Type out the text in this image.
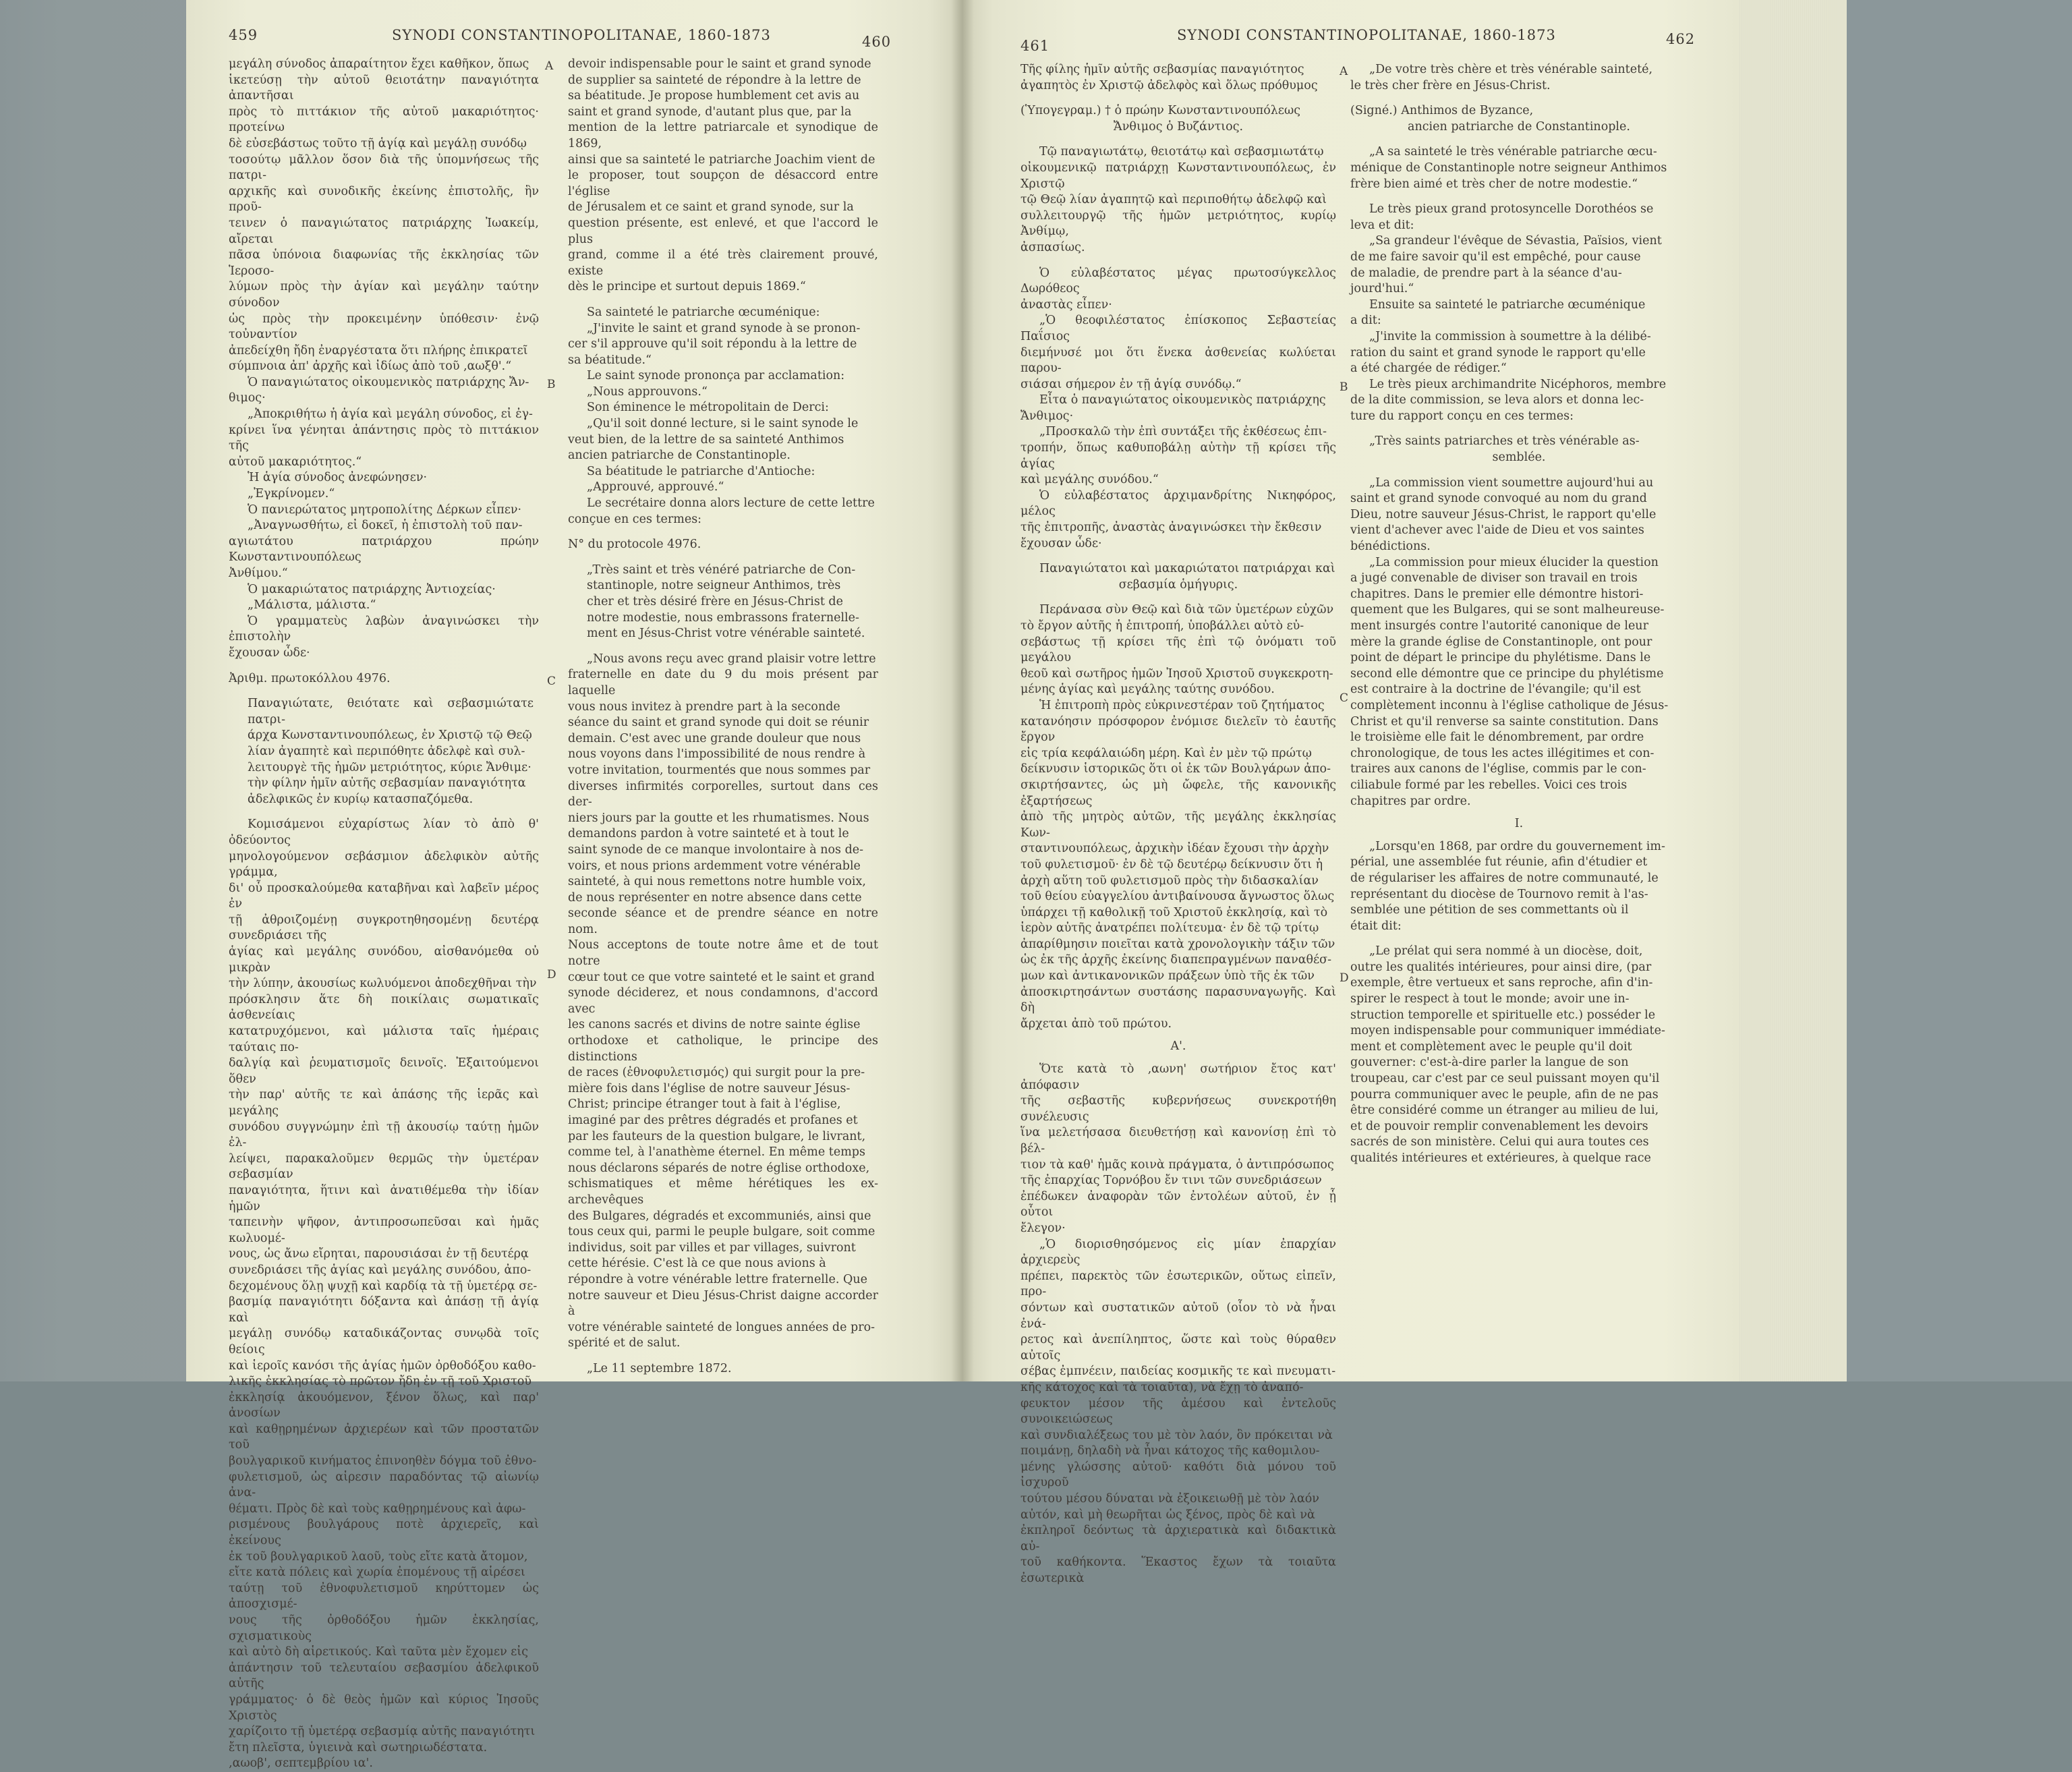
459	SYNODI CONSTANTINOPOLITANAE, 1860-1873	460

μεγάλη σύνοδος ἀπαραίτητον ἔχει καθῆκον, ὅπως

ἱκετεύσῃ τὴν αὐτοῦ θειοτάτην παναγιότητα ἀπαντῆσαι

πρὸς τὸ πιττάκιον τῆς αὐτοῦ μακαριότητος· προτείνω

δὲ εὐσεβάστως τοῦτο τῇ ἁγίᾳ καὶ μεγάλῃ συνόδῳ

τοσούτῳ μᾶλλον ὅσον διὰ τῆς ὑπομνήσεως τῆς πατρι-

αρχικῆς καὶ συνοδικῆς ἐκείνης ἐπιστολῆς, ἣν προῦ-

τεινεν ὁ παναγιώτατος πατριάρχης Ἰωακείμ, αἴρεται

πᾶσα ὑπόνοια διαφωνίας τῆς ἐκκλησίας τῶν Ἱεροσο-

λύμων πρὸς τὴν ἁγίαν καὶ μεγάλην ταύτην σύνοδον

ὡς πρὸς τὴν προκειμένην ὑπόθεσιν· ἐνῷ τοὐναντίον

ἀπεδείχθη ἤδη ἐναργέστατα ὅτι πλήρης ἐπικρατεῖ

σύμπνοια ἀπ' ἀρχῆς καὶ ἰδίως ἀπὸ τοῦ ‚αωξθ'.“

Ὁ παναγιώτατος οἰκουμενικὸς πατριάρχης Ἄν-

θιμος·

„Ἀποκριθήτω ἡ ἁγία καὶ μεγάλη σύνοδος, εἰ ἐγ-

κρίνει ἵνα γένηται ἀπάντησις πρὸς τὸ πιττάκιον τῆς

αὐτοῦ μακαριότητος.“

Ἡ ἁγία σύνοδος ἀνεφώνησεν·

„Ἐγκρίνομεν.“

Ὁ πανιερώτατος μητροπολίτης Δέρκων εἶπεν·

„Ἀναγνωσθήτω, εἰ δοκεῖ, ἡ ἐπιστολὴ τοῦ παν-

αγιωτάτου πατριάρχου πρώην Κωνσταντινουπόλεως

Ἀνθίμου.“

Ὁ μακαριώτατος πατριάρχης Ἀντιοχείας·

„Μάλιστα, μάλιστα.“

Ὁ γραμματεὺς λαβὼν ἀναγινώσκει τὴν ἐπιστολὴν

ἔχουσαν ὧδε·

Ἀριθμ. πρωτοκόλλου 4976.

Παναγιώτατε, θειότατε καὶ σεβασμιώτατε πατρι-

άρχα Κωνσταντινουπόλεως, ἐν Χριστῷ τῷ Θεῷ

λίαν ἀγαπητὲ καὶ περιπόθητε ἀδελφὲ καὶ συλ-

λειτουργὲ τῆς ἡμῶν μετριότητος, κύριε Ἄνθιμε·

τὴν φίλην ἡμῖν αὐτῆς σεβασμίαν παναγιότητα

ἀδελφικῶς ἐν κυρίῳ κατασπαζόμεθα.

Κομισάμενοι εὐχαρίστως λίαν τὸ ἀπὸ θ' ὀδεύοντος

μηνολογούμενον σεβάσμιον ἀδελφικὸν αὐτῆς γράμμα,

δι' οὗ προσκαλούμεθα καταβῆναι καὶ λαβεῖν μέρος ἐν

τῇ ἀθροιζομένῃ συγκροτηθησομένῃ δευτέρᾳ συνεδριάσει τῆς

ἁγίας καὶ μεγάλης συνόδου, αἰσθανόμεθα οὐ μικρὰν

τὴν λύπην, ἀκουσίως κωλυόμενοι ἀποδεχθῆναι τὴν

πρόσκλησιν ἅτε δὴ ποικίλαις σωματικαῖς ἀσθενείαις

κατατρυχόμενοι, καὶ μάλιστα ταῖς ἡμέραις ταύταις πο-

δαλγίᾳ καὶ ῥευματισμοῖς δεινοῖς. Ἐξαιτούμενοι ὅθεν

τὴν παρ' αὐτῆς τε καὶ ἁπάσης τῆς ἱερᾶς καὶ μεγάλης

συνόδου συγγνώμην ἐπὶ τῇ ἀκουσίῳ ταύτῃ ἡμῶν ἐλ-

λείψει, παρακαλοῦμεν θερμῶς τὴν ὑμετέραν σεβασμίαν

παναγιότητα, ἥτινι καὶ ἀνατιθέμεθα τὴν ἰδίαν ἡμῶν

ταπεινὴν ψῆφον, ἀντιπροσωπεῦσαι καὶ ἡμᾶς κωλυομέ-

νους, ὡς ἄνω εἴρηται, παρουσιάσαι ἐν τῇ δευτέρᾳ

συνεδριάσει τῆς ἁγίας καὶ μεγάλης συνόδου, ἀπο-

δεχομένους ὅλῃ ψυχῇ καὶ καρδίᾳ τὰ τῇ ὑμετέρᾳ σε-

βασμίᾳ παναγιότητι δόξαντα καὶ ἁπάσῃ τῇ ἁγίᾳ καὶ

μεγάλῃ συνόδῳ καταδικάζοντας συνῳδὰ τοῖς θείοις

καὶ ἱεροῖς κανόσι τῆς ἁγίας ἡμῶν ὀρθοδόξου καθο-

λικῆς ἐκκλησίας τὸ πρῶτον ἤδη ἐν τῇ τοῦ Χριστοῦ

ἐκκλησίᾳ ἀκουόμενον, ξένον ὅλως, καὶ παρ' ἀνοσίων

καὶ καθῃρημένων ἀρχιερέων καὶ τῶν προστατῶν τοῦ

βουλγαρικοῦ κινήματος ἐπινοηθὲν δόγμα τοῦ ἐθνο-

φυλετισμοῦ, ὡς αἱρεσιν παραδόντας τῷ αἰωνίῳ ἀνα-

θέματι. Πρὸς δὲ καὶ τοὺς καθῃρημένους καὶ ἀφω-

ρισμένους βουλγάρους ποτὲ ἀρχιερεῖς, καὶ ἐκείνους

ἐκ τοῦ βουλγαρικοῦ λαοῦ, τοὺς εἴτε κατὰ ἄτομον,

εἴτε κατὰ πόλεις καὶ χωρία ἐπομένους τῇ αἱρέσει

ταύτῃ τοῦ ἐθνοφυλετισμοῦ κηρύττομεν ὡς ἀποσχισμέ-

νους τῆς ὀρθοδόξου ἡμῶν ἐκκλησίας, σχισματικοὺς

καὶ αὐτὸ δὴ αἱρετικούς. Καὶ ταῦτα μὲν ἔχομεν εἰς

ἀπάντησιν τοῦ τελευταίου σεβασμίου ἀδελφικοῦ αὐτῆς

γράμματος· ὁ δὲ θεὸς ἡμῶν καὶ κύριος Ἰησοῦς Χριστὸς

χαρίζοιτο τῇ ὑμετέρᾳ σεβασμίᾳ αὐτῆς παναγιότητι

ἔτη πλεῖστα, ὑγιεινὰ καὶ σωτηριωδέστατα.

‚αωοβ', σεπτεμβρίου ια'.

devoir indispensable pour le saint et grand synode

de supplier sa sainteté de répondre à la lettre de

sa béatitude. Je propose humblement cet avis au

saint et grand synode, d'autant plus que, par la

mention de la lettre patriarcale et synodique de 1869,

ainsi que sa sainteté le patriarche Joachim vient de

le proposer, tout soupçon de désaccord entre l'église

de Jérusalem et ce saint et grand synode, sur la

question présente, est enlevé, et que l'accord le plus

grand, comme il a été très clairement prouvé, existe

dès le principe et surtout depuis 1869.“

Sa sainteté le patriarche œcuménique:

„J'invite le saint et grand synode à se pronon-

cer s'il approuve qu'il soit répondu à la lettre de

sa béatitude.“

Le saint synode prononça par acclamation:

„Nous approuvons.“

Son éminence le métropolitain de Derci:

„Qu'il soit donné lecture, si le saint synode le

veut bien, de la lettre de sa sainteté Anthimos

ancien patriarche de Constantinople.

Sa béatitude le patriarche d'Antioche:

„Approuvé, approuvé.“

Le secrétaire donna alors lecture de cette lettre

conçue en ces termes:

N° du protocole 4976.

„Très saint et très vénéré patriarche de Con-

stantinople, notre seigneur Anthimos, très

cher et très désiré frère en Jésus-Christ de

notre modestie, nous embrassons fraternelle-

ment en Jésus-Christ votre vénérable sainteté.

„Nous avons reçu avec grand plaisir votre lettre

fraternelle en date du 9 du mois présent par laquelle

vous nous invitez à prendre part à la seconde

séance du saint et grand synode qui doit se réunir

demain. C'est avec une grande douleur que nous

nous voyons dans l'impossibilité de nous rendre à

votre invitation, tourmentés que nous sommes par

diverses infirmités corporelles, surtout dans ces der-

niers jours par la goutte et les rhumatismes. Nous

demandons pardon à votre sainteté et à tout le

saint synode de ce manque involontaire à nos de-

voirs, et nous prions ardemment votre vénérable

sainteté, à qui nous remettons notre humble voix,

de nous représenter en notre absence dans cette

seconde séance et de prendre séance en notre nom.

Nous acceptons de toute notre âme et de tout notre

cœur tout ce que votre sainteté et le saint et grand

synode déciderez, et nous condamnons, d'accord avec

les canons sacrés et divins de notre sainte église

orthodoxe et catholique, le principe des distinctions

de races (ἐθνοφυλετισμός) qui surgit pour la pre-

mière fois dans l'église de notre sauveur Jésus-

Christ; principe étranger tout à fait à l'église,

imaginé par des prêtres dégradés et profanes et

par les fauteurs de la question bulgare, le livrant,

comme tel, à l'anathème éternel. En même temps

nous déclarons séparés de notre église orthodoxe,

schismatiques et même hérétiques les ex-archevêques

des Bulgares, dégradés et excommuniés, ainsi que

tous ceux qui, parmi le peuple bulgare, soit comme

individus, soit par villes et par villages, suivront

cette hérésie. C'est là ce que nous avions à

répondre à votre vénérable lettre fraternelle. Que

notre sauveur et Dieu Jésus-Christ daigne accorder à

votre vénérable sainteté de longues années de pro-

spérité et de salut.

„Le 11 septembre 1872.

A
B
C
D
461
SYNODI CONSTANTINOPOLITANAE, 1860-1873	462

Τῆς φίλης ἡμῖν αὐτῆς σεβασμίας παναγιότητος

ἀγαπητὸς ἐν Χριστῷ ἀδελφὸς καὶ ὅλως πρόθυμος

(Ὑπογεγραμ.) † ὁ πρώην Κωνσταντινουπόλεως

Ἄνθιμος ὁ Βυζάντιος.

Τῷ παναγιωτάτῳ, θειοτάτῳ καὶ σεβασμιωτάτῳ

οἰκουμενικῷ πατριάρχῃ Κωνσταντινουπόλεως, ἐν Χριστῷ

τῷ Θεῷ λίαν ἀγαπητῷ καὶ περιποθήτῳ ἀδελφῷ καὶ

συλλειτουργῷ τῆς ἡμῶν μετριότητος, κυρίῳ Ἀνθίμῳ,

ἀσπασίως.

Ὁ εὐλαβέστατος μέγας πρωτοσύγκελλος Δωρόθεος

ἀναστὰς εἶπεν·

„Ὁ θεοφιλέστατος ἐπίσκοπος Σεβαστείας Παΐσιος

διεμήνυσέ μοι ὅτι ἕνεκα ἀσθενείας κωλύεται παρου-

σιάσαι σήμερον ἐν τῇ ἁγίᾳ συνόδῳ.“

Εἶτα ὁ παναγιώτατος οἰκουμενικὸς πατριάρχης

Ἄνθιμος·

„Προσκαλῶ τὴν ἐπὶ συντάξει τῆς ἐκθέσεως ἐπι-

τροπήν, ὅπως καθυποβάλῃ αὐτὴν τῇ κρίσει τῆς ἁγίας

καὶ μεγάλης συνόδου.“

Ὁ εὐλαβέστατος ἀρχιμανδρίτης Νικηφόρος, μέλος

τῆς ἐπιτροπῆς, ἀναστὰς ἀναγινώσκει τὴν ἔκθεσιν

ἔχουσαν ὧδε·

Παναγιώτατοι καὶ μακαριώτατοι πατριάρχαι καὶ

σεβασμία ὁμήγυρις.

Περάνασα σὺν Θεῷ καὶ διὰ τῶν ὑμετέρων εὐχῶν

τὸ ἔργον αὐτῆς ἡ ἐπιτροπή, ὑποβάλλει αὐτὸ εὐ-

σεβάστως τῇ κρίσει τῆς ἐπὶ τῷ ὀνόματι τοῦ μεγάλου

θεοῦ καὶ σωτῆρος ἡμῶν Ἰησοῦ Χριστοῦ συγκεκροτη-

μένης ἁγίας καὶ μεγάλης ταύτης συνόδου.

Ἡ ἐπιτροπὴ πρὸς εὐκρινεστέραν τοῦ ζητήματος

κατανόησιν πρόσφορον ἐνόμισε διελεῖν τὸ ἑαυτῆς ἔργον

εἰς τρία κεφάλαιώδη μέρη. Καὶ ἐν μὲν τῷ πρώτῳ

δείκνυσιν ἱστορικῶς ὅτι οἱ ἐκ τῶν Βουλγάρων ἀπο-

σκιρτήσαντες, ὡς μὴ ὤφελε, τῆς κανονικῆς ἐξαρτήσεως

ἀπὸ τῆς μητρὸς αὐτῶν, τῆς μεγάλης ἐκκλησίας Κων-

σταντινουπόλεως, ἀρχικὴν ἰδέαν ἔχουσι τὴν ἀρχὴν

τοῦ φυλετισμοῦ· ἐν δὲ τῷ δευτέρῳ δείκνυσιν ὅτι ἡ

ἀρχὴ αὕτη τοῦ φυλετισμοῦ πρὸς τὴν διδασκαλίαν

τοῦ θείου εὐαγγελίου ἀντιβαίνουσα ἄγνωστος ὅλως

ὑπάρχει τῇ καθολικῇ τοῦ Χριστοῦ ἐκκλησίᾳ, καὶ τὸ

ἱερὸν αὐτῆς ἀνατρέπει πολίτευμα· ἐν δὲ τῷ τρίτῳ

ἀπαρίθμησιν ποιεῖται κατὰ χρονολογικὴν τάξιν τῶν

ὡς ἐκ τῆς ἀρχῆς ἐκείνης διαπεπραγμένων παναθέσ-

μων καὶ ἀντικανονικῶν πράξεων ὑπὸ τῆς ἐκ τῶν

ἀποσκιρτησάντων συστάσης παρασυναγωγῆς. Καὶ δὴ

ἄρχεται ἀπὸ τοῦ πρώτου.

Α'.

Ὅτε κατὰ τὸ ‚αωνη' σωτήριον ἔτος κατ' ἀπόφασιν

τῆς σεβαστῆς κυβερνήσεως συνεκροτήθη συνέλευσις

ἵνα μελετήσασα διευθετήσῃ καὶ κανονίσῃ ἐπὶ τὸ βέλ-

τιον τὰ καθ' ἡμᾶς κοινὰ πράγματα, ὁ ἀντιπρόσωπος

τῆς ἐπαρχίας Τορνόβου ἔν τινι τῶν συνεδριάσεων

ἐπέδωκεν ἀναφορὰν τῶν ἐντολέων αὐτοῦ, ἐν ᾗ οὗτοι

ἔλεγον·

„Ὁ διορισθησόμενος εἰς μίαν ἐπαρχίαν ἀρχιερεὺς

πρέπει, παρεκτὸς τῶν ἐσωτερικῶν, οὕτως εἰπεῖν, προ-

σόντων καὶ συστατικῶν αὐτοῦ (οἷον τὸ νὰ ἦναι ἐνά-

ρετος καὶ ἀνεπίληπτος, ὥστε καὶ τοὺς θύραθεν αὐτοῖς

σέβας ἐμπνέειν, παιδείας κοσμικῆς τε καὶ πνευματι-

κῆς κάτοχος καὶ τὰ τοιαῦτα), νὰ ἔχῃ τὸ ἀναπό-

φευκτον μέσον τῆς ἀμέσου καὶ ἐντελοῦς συνοικειώσεως

καὶ συνδιαλέξεως του μὲ τὸν λαόν, ὃν πρόκειται νὰ

ποιμάνῃ, δηλαδὴ νὰ ἦναι κάτοχος τῆς καθομιλου-

μένης γλώσσης αὐτοῦ· καθότι διὰ μόνου τοῦ ἰσχυροῦ

τούτου μέσου δύναται νὰ ἐξοικειωθῇ μὲ τὸν λαόν

αὐτόν, καὶ μὴ θεωρῆται ὡς ξένος, πρὸς δὲ καὶ νὰ

ἐκπληροῖ δεόντως τὰ ἀρχιερατικὰ καὶ διδακτικὰ αὐ-

τοῦ καθήκοντα. Ἕκαστος ἔχων τὰ τοιαῦτα ἐσωτερικὰ

„De votre très chère et très vénérable sainteté,

le très cher frère en Jésus-Christ.

(Signé.) Anthimos de Byzance,

ancien patriarche de Constantinople.

„A sa sainteté le très vénérable patriarche œcu-

ménique de Constantinople notre seigneur Anthimos

frère bien aimé et très cher de notre modestie.“

Le très pieux grand protosyncelle Dorothéos se

leva et dit:

„Sa grandeur l'évêque de Sévastia, Païsios, vient

de me faire savoir qu'il est empêché, pour cause

de maladie, de prendre part à la séance d'au-

jourd'hui.“

Ensuite sa sainteté le patriarche œcuménique

a dit:

„J'invite la commission à soumettre à la délibé-

ration du saint et grand synode le rapport qu'elle

a été chargée de rédiger.“

Le très pieux archimandrite Nicéphoros, membre

de la dite commission, se leva alors et donna lec-

ture du rapport conçu en ces termes:

„Très saints patriarches et très vénérable as-

semblée.

„La commission vient soumettre aujourd'hui au

saint et grand synode convoqué au nom du grand

Dieu, notre sauveur Jésus-Christ, le rapport qu'elle

vient d'achever avec l'aide de Dieu et vos saintes

bénédictions.

„La commission pour mieux élucider la question

a jugé convenable de diviser son travail en trois

chapitres. Dans le premier elle démontre histori-

quement que les Bulgares, qui se sont malheureuse-

ment insurgés contre l'autorité canonique de leur

mère la grande église de Constantinople, ont pour

point de départ le principe du phylétisme. Dans le

second elle démontre que ce principe du phylétisme

est contraire à la doctrine de l'évangile; qu'il est

complètement inconnu à l'église catholique de Jésus-

Christ et qu'il renverse sa sainte constitution. Dans

le troisième elle fait le dénombrement, par ordre

chronologique, de tous les actes illégitimes et con-

traires aux canons de l'église, commis par le con-

ciliabule formé par les rebelles. Voici ces trois

chapitres par ordre.

I.

„Lorsqu'en 1868, par ordre du gouvernement im-

périal, une assemblée fut réunie, afin d'étudier et

de régulariser les affaires de notre communauté, le

représentant du diocèse de Tournovo remit à l'as-

semblée une pétition de ses commettants où il

était dit:

„Le prélat qui sera nommé à un diocèse, doit,

outre les qualités intérieures, pour ainsi dire, (par

exemple, être vertueux et sans reproche, afin d'in-

spirer le respect à tout le monde; avoir une in-

struction temporelle et spirituelle etc.) posséder le

moyen indispensable pour communiquer immédiate-

ment et complètement avec le peuple qu'il doit

gouverner: c'est-à-dire parler la langue de son

troupeau, car c'est par ce seul puissant moyen qu'il

pourra communiquer avec le peuple, afin de ne pas

être considéré comme un étranger au milieu de lui,

et de pouvoir remplir convenablement les devoirs

sacrés de son ministère. Celui qui aura toutes ces

qualités intérieures et extérieures, à quelque race

A
B
C
D
